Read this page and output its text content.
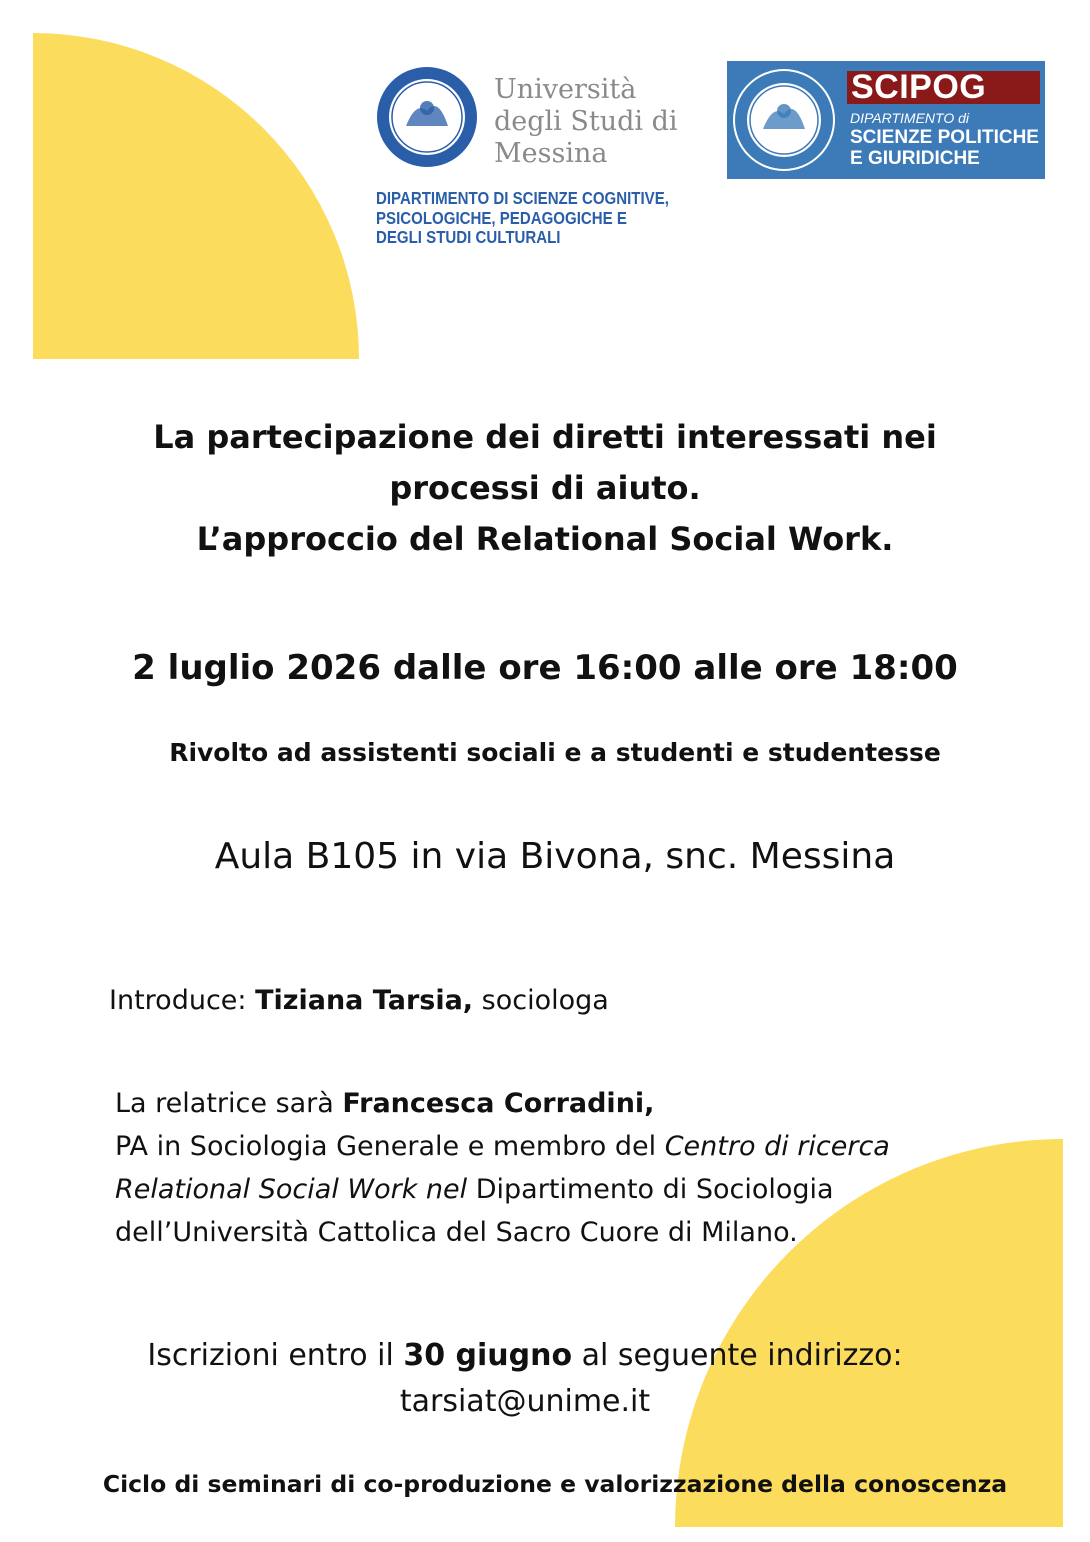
Università
degli Studi di
Messina
DIPARTIMENTO DI SCIENZE COGNITIVE,
PSICOLOGICHE, PEDAGOGICHE E
DEGLI STUDI CULTURALI
SCIPOG
DIPARTIMENTO di
SCIENZE POLITICHE
E GIURIDICHE
La partecipazione dei diretti interessati nei
processi di aiuto.
L’approccio del Relational Social Work.
2 luglio 2026 dalle ore 16:00 alle ore 18:00
Rivolto ad assistenti sociali e a studenti e studentesse
Aula B105 in via Bivona, snc. Messina
Introduce: Tiziana Tarsia, sociologa
La relatrice sarà Francesca Corradini,
PA in Sociologia Generale e membro del Centro di ricerca
Relational Social Work nel Dipartimento di Sociologia
dell’Università Cattolica del Sacro Cuore di Milano.
Iscrizioni entro il 30 giugno al seguente indirizzo:
tarsiat@unime.it
Ciclo di seminari di co-produzione e valorizzazione della conoscenza
